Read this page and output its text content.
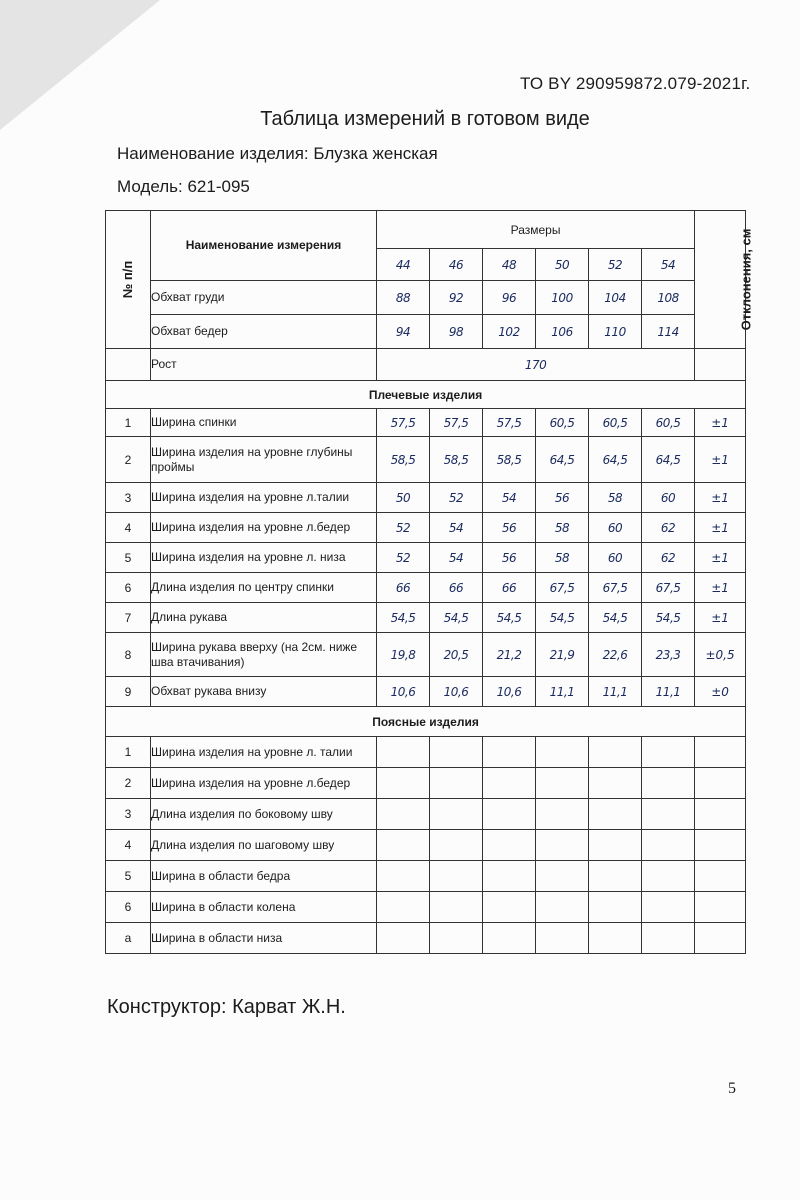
ТО BY 290959872.079-2021г.
Таблица измерений в готовом виде
Наименование изделия: Блузка женская
Модель: 621-095
№ п/п	Наименование измерения	Размеры						Отклонения, см
		44	46	48	50	52	54	
	Обхват груди	88	92	96	100	104	108	
	Обхват бедер	94	98	102	106	110	114	
	Рост	170						
Плечевые изделия								
1	Ширина спинки	57,5	57,5	57,5	60,5	60,5	60,5	±1
2	Ширина изделия на уровне глубины проймы	58,5	58,5	58,5	64,5	64,5	64,5	±1
3	Ширина изделия на уровне л.талии	50	52	54	56	58	60	±1
4	Ширина изделия на уровне л.бедер	52	54	56	58	60	62	±1
5	Ширина изделия на уровне л. низа	52	54	56	58	60	62	±1
6	Длина изделия по центру спинки	66	66	66	67,5	67,5	67,5	±1
7	Длина рукава	54,5	54,5	54,5	54,5	54,5	54,5	±1
8	Ширина рукава вверху (на 2см. ниже шва втачивания)	19,8	20,5	21,2	21,9	22,6	23,3	±0,5
9	Обхват рукава внизу	10,6	10,6	10,6	11,1	11,1	11,1	±0
Поясные изделия								
1	Ширина изделия на уровне л. талии							
2	Ширина изделия на уровне л.бедер							
3	Длина изделия по боковому шву							
4	Длина изделия по шаговому шву							
5	Ширина в области бедра							
6	Ширина в области колена							
а	Ширина в области низа							
Конструктор: Карват Ж.Н.
5
